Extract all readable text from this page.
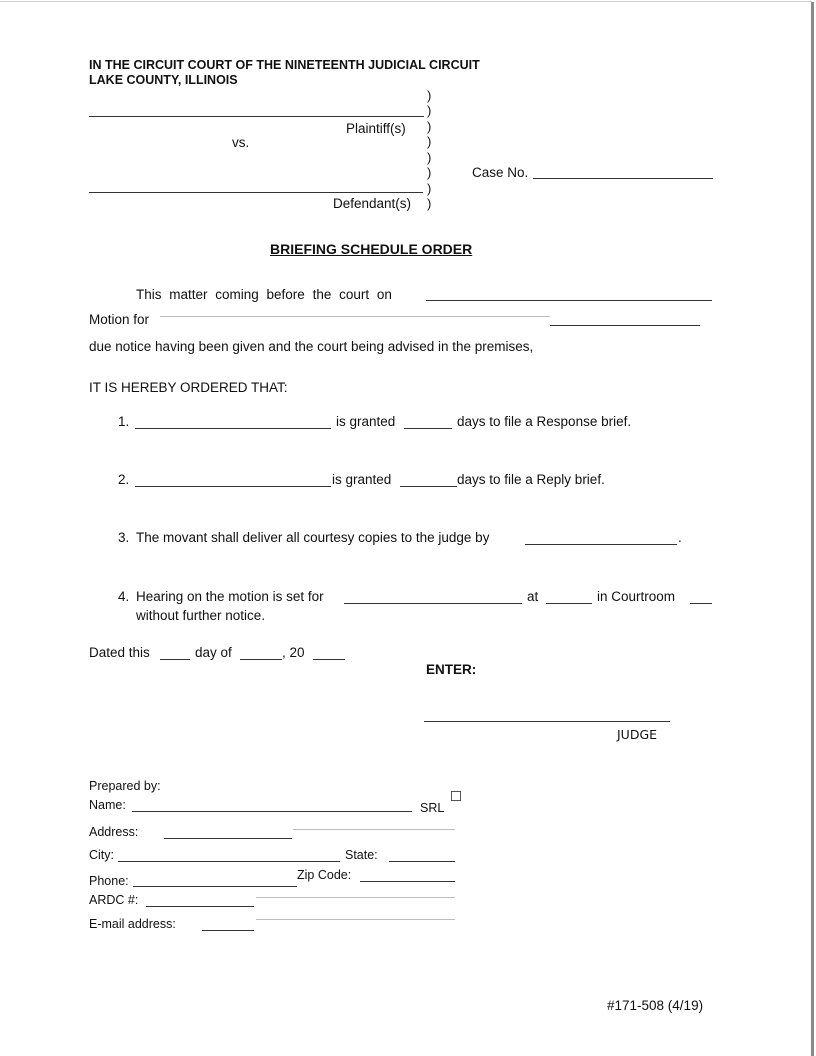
IN THE CIRCUIT COURT OF THE NINETEENTH JUDICIAL CIRCUIT
LAKE COUNTY, ILLINOIS
)
)
)
)
)
)
)
)
Plaintiff(s)
vs.
Defendant(s)
Case No.
BRIEFING SCHEDULE ORDER
This matter coming before the court on
Motion for
due notice having been given and the court being advised in the premises,
IT IS HEREBY ORDERED THAT:
1.	is granted	days to file a Response brief.
2.	is granted	days to file a Reply brief.
3. The movant shall deliver all courtesy copies to the judge by	.
4. Hearing on the motion is set for	at	in Courtroom
without further notice.
Dated this	day of	, 20
ENTER:
JUDGE
Prepared by:
Name:	SRL
Address:
City:	State:
Phone:	Zip Code:
ARDC #:
E-mail address:
#171-508 (4/19)
